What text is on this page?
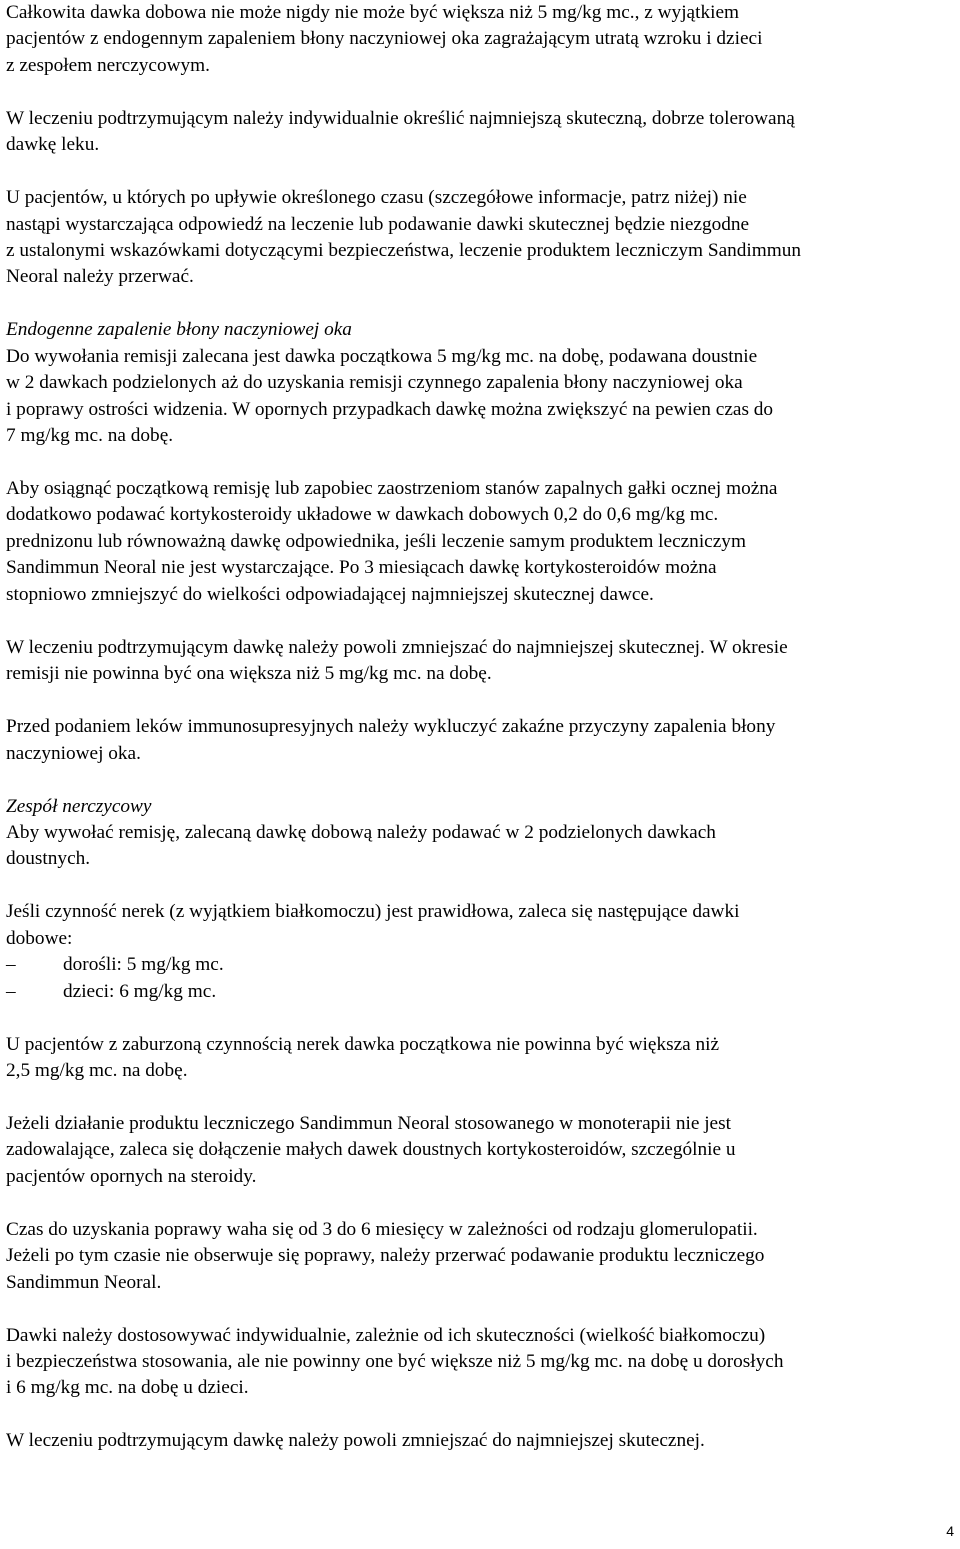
Całkowita dawka dobowa nie może nigdy nie może być większa niż 5 mg/kg mc., z wyjątkiem

pacjentów z endogennym zapaleniem błony naczyniowej oka zagrażającym utratą wzroku i dzieci

z zespołem nerczycowym.

W leczeniu podtrzymującym należy indywidualnie określić najmniejszą skuteczną, dobrze tolerowaną

dawkę leku.

U pacjentów, u których po upływie określonego czasu (szczegółowe informacje, patrz niżej) nie

nastąpi wystarczająca odpowiedź na leczenie lub podawanie dawki skutecznej będzie niezgodne

z ustalonymi wskazówkami dotyczącymi bezpieczeństwa, leczenie produktem leczniczym Sandimmun

Neoral należy przerwać.

Endogenne zapalenie błony naczyniowej oka

Do wywołania remisji zalecana jest dawka początkowa 5 mg/kg mc. na dobę, podawana doustnie

w 2 dawkach podzielonych aż do uzyskania remisji czynnego zapalenia błony naczyniowej oka

i poprawy ostrości widzenia. W opornych przypadkach dawkę można zwiększyć na pewien czas do

7 mg/kg mc. na dobę.

Aby osiągnąć początkową remisję lub zapobiec zaostrzeniom stanów zapalnych gałki ocznej można

dodatkowo podawać kortykosteroidy układowe w dawkach dobowych 0,2 do 0,6 mg/kg mc.

prednizonu lub równoważną dawkę odpowiednika, jeśli leczenie samym produktem leczniczym

Sandimmun Neoral nie jest wystarczające. Po 3 miesiącach dawkę kortykosteroidów można

stopniowo zmniejszyć do wielkości odpowiadającej najmniejszej skutecznej dawce.

W leczeniu podtrzymującym dawkę należy powoli zmniejszać do najmniejszej skutecznej. W okresie

remisji nie powinna być ona większa niż 5 mg/kg mc. na dobę.

Przed podaniem leków immunosupresyjnych należy wykluczyć zakaźne przyczyny zapalenia błony

naczyniowej oka.

Zespół nerczycowy

Aby wywołać remisję, zalecaną dawkę dobową należy podawać w 2 podzielonych dawkach

doustnych.

Jeśli czynność nerek (z wyjątkiem białkomoczu) jest prawidłowa, zaleca się następujące dawki

dobowe:

– dorośli: 5 mg/kg mc.

– dzieci: 6 mg/kg mc.

U pacjentów z zaburzoną czynnością nerek dawka początkowa nie powinna być większa niż

2,5 mg/kg mc. na dobę.

Jeżeli działanie produktu leczniczego Sandimmun Neoral stosowanego w monoterapii nie jest

zadowalające, zaleca się dołączenie małych dawek doustnych kortykosteroidów, szczególnie u

pacjentów opornych na steroidy.

Czas do uzyskania poprawy waha się od 3 do 6 miesięcy w zależności od rodzaju glomerulopatii.

Jeżeli po tym czasie nie obserwuje się poprawy, należy przerwać podawanie produktu leczniczego

Sandimmun Neoral.

Dawki należy dostosowywać indywidualnie, zależnie od ich skuteczności (wielkość białkomoczu)

i bezpieczeństwa stosowania, ale nie powinny one być większe niż 5 mg/kg mc. na dobę u dorosłych

i 6 mg/kg mc. na dobę u dzieci.

W leczeniu podtrzymującym dawkę należy powoli zmniejszać do najmniejszej skutecznej.

4
